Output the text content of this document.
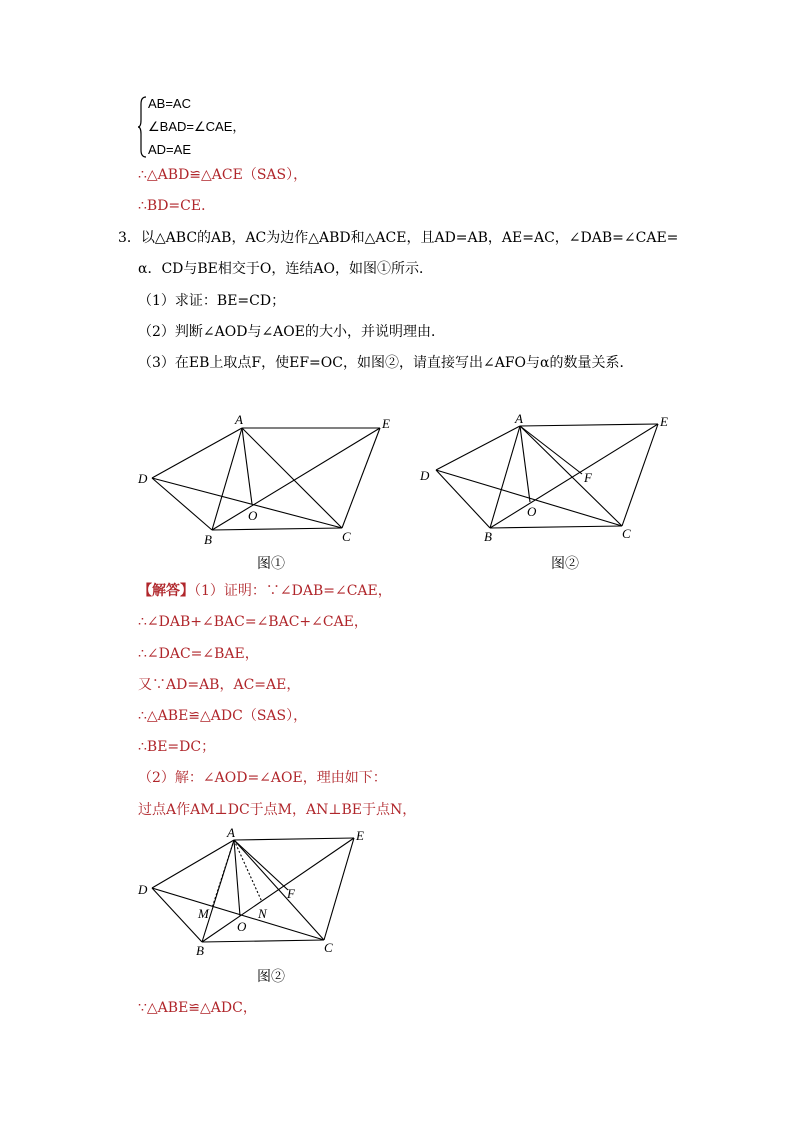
AB=AC
∠BAD=∠CAE，
AD=AE
∴△ABD≌△ACE（SAS），
∴BD=CE．
3．以△ABC的AB，AC为边作△ABD和△ACE，且AD=AB，AE=AC，∠DAB=∠CAE=
α．CD与BE相交于O，连结AO，如图①所示．
（1）求证：BE=CD；
（2）判断∠AOD与∠AOE的大小，并说明理由．
（3）在EB上取点F，使EF=OC，如图②，请直接写出∠AFO与α的数量关系．
A	E
D
B	C
O
图①
A	E
D
B	C
O
F
图②
【解答】（1）证明：∵∠DAB=∠CAE，
∴∠DAB+∠BAC=∠BAC+∠CAE，
∴∠DAC=∠BAE，
又∵AD=AB，AC=AE，
∴△ABE≌△ADC（SAS），
∴BE=DC；
（2）解：∠AOD=∠AOE，理由如下：
过点A作AM⊥DC于点M，AN⊥BE于点N，
A	E
D
B	C
O
F
M	N
图②
∵△ABE≌△ADC，
